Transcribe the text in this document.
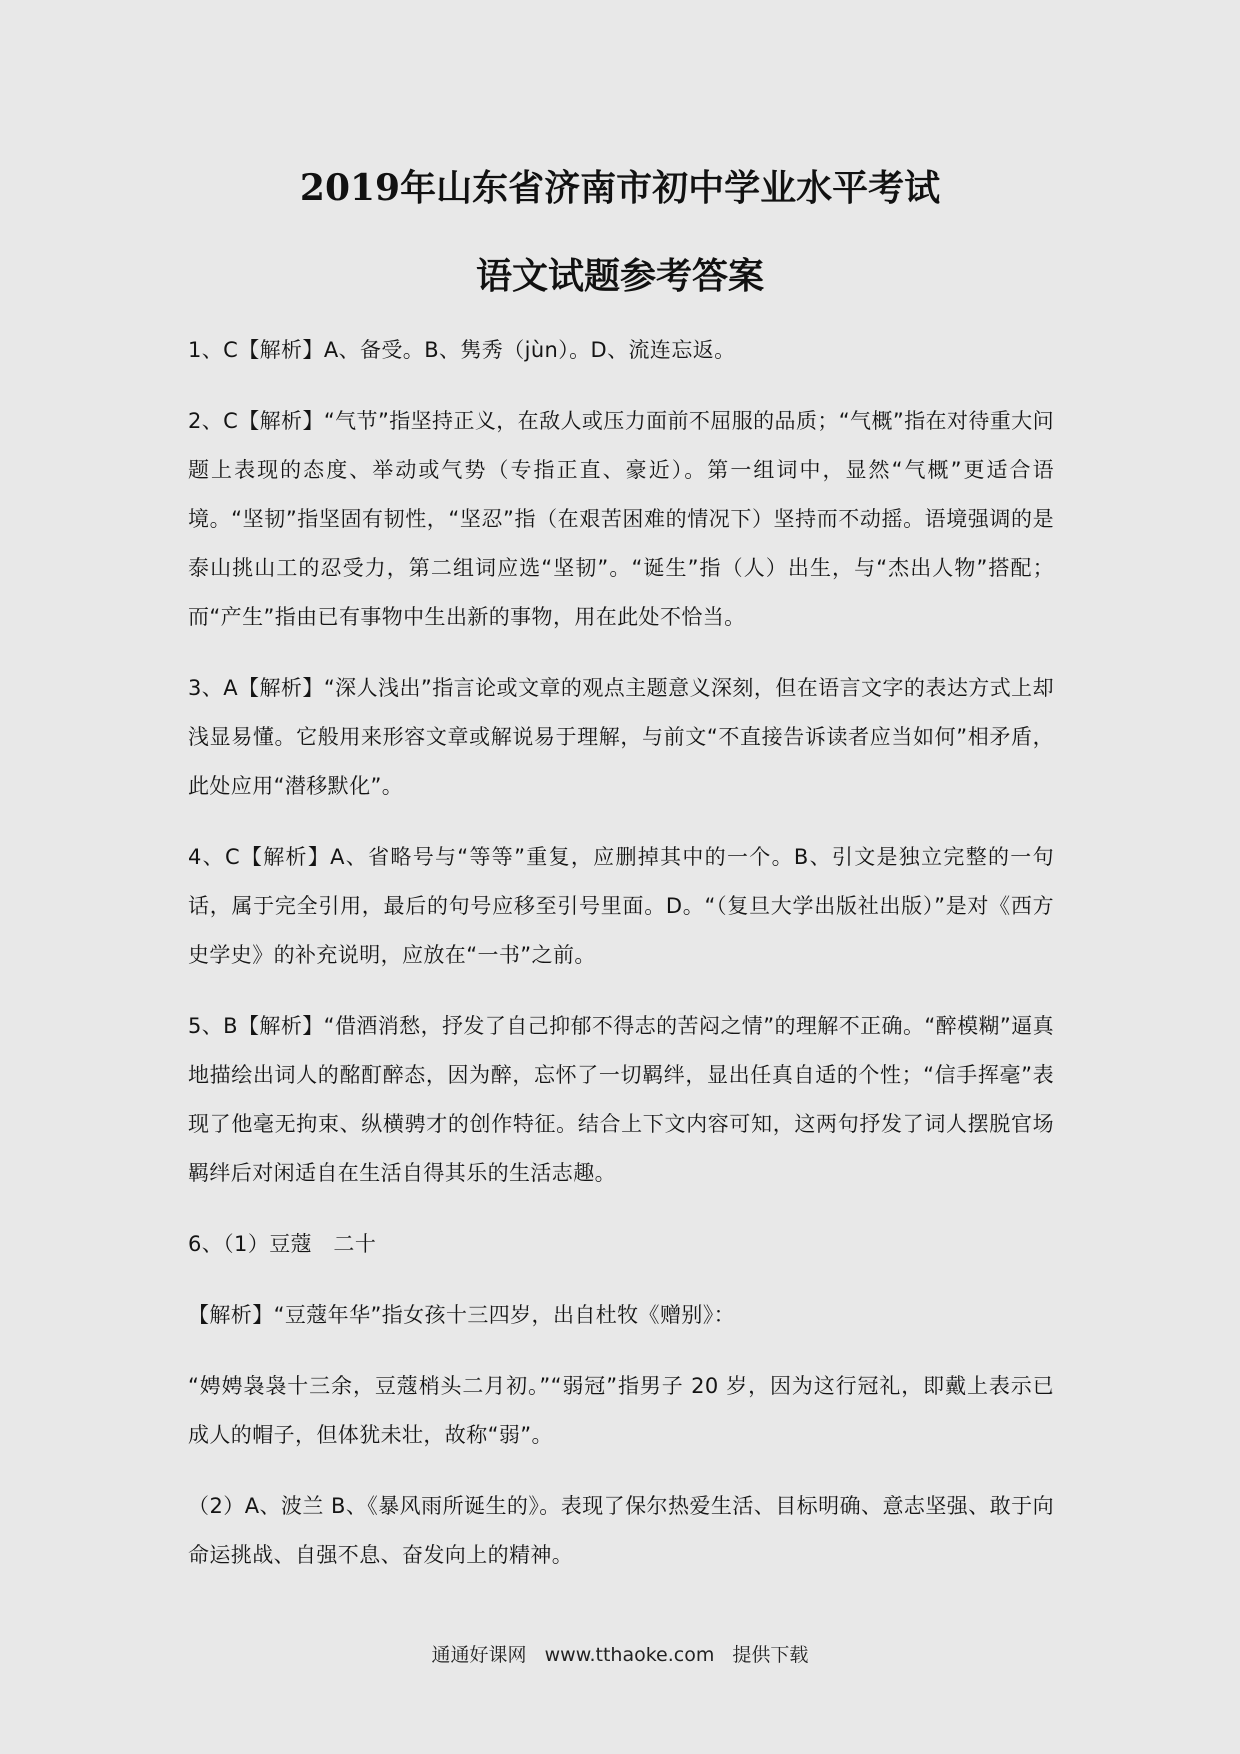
2019年山东省济南市初中学业水平考试
语文试题参考答案

1、C【解析】A、备受。B、隽秀（jùn）。D、流连忘返。

2、C【解析】“气节”指坚持正义，在敌人或压力面前不屈服的品质；“气概”指在对待重大问题上表现的态度、举动或气势（专指正直、豪近）。第一组词中，显然“气概”更适合语境。“坚韧”指坚固有韧性，“坚忍”指（在艰苦困难的情况下）坚持而不动摇。语境强调的是泰山挑山工的忍受力，第二组词应选“坚韧”。“诞生”指（人）出生，与“杰出人物”搭配；而“产生”指由已有事物中生出新的事物，用在此处不恰当。

3、A【解析】“深人浅出”指言论或文章的观点主题意义深刻，但在语言文字的表达方式上却浅显易懂。它般用来形容文章或解说易于理解，与前文“不直接告诉读者应当如何”相矛盾，此处应用“潜移默化”。

4、C【解析】A、省略号与“等等”重复，应删掉其中的一个。B、引文是独立完整的一句话，属于完全引用，最后的句号应移至引号里面。D。“（复旦大学出版社出版）”是对《西方史学史》的补充说明，应放在“一书”之前。

5、B【解析】“借酒消愁，抒发了自己抑郁不得志的苦闷之情”的理解不正确。“醉模糊”逼真地描绘出词人的酩酊醉态，因为醉，忘怀了一切羁绊，显出任真自适的个性；“信手挥毫”表现了他毫无拘束、纵横骋才的创作特征。结合上下文内容可知，这两句抒发了词人摆脱官场羁绊后对闲适自在生活自得其乐的生活志趣。

6、（1）豆蔻　二十

【解析】“豆蔻年华”指女孩十三四岁，出自杜牧《赠别》：

“娉娉袅袅十三余，豆蔻梢头二月初。”“弱冠”指男子 20 岁，因为这行冠礼，即戴上表示已成人的帽子，但体犹未壮，故称“弱”。

（2）A、波兰 B、《暴风雨所诞生的》。表现了保尔热爱生活、目标明确、意志坚强、敢于向命运挑战、自强不息、奋发向上的精神。

通通好课网 www.tthaoke.com 提供下载
